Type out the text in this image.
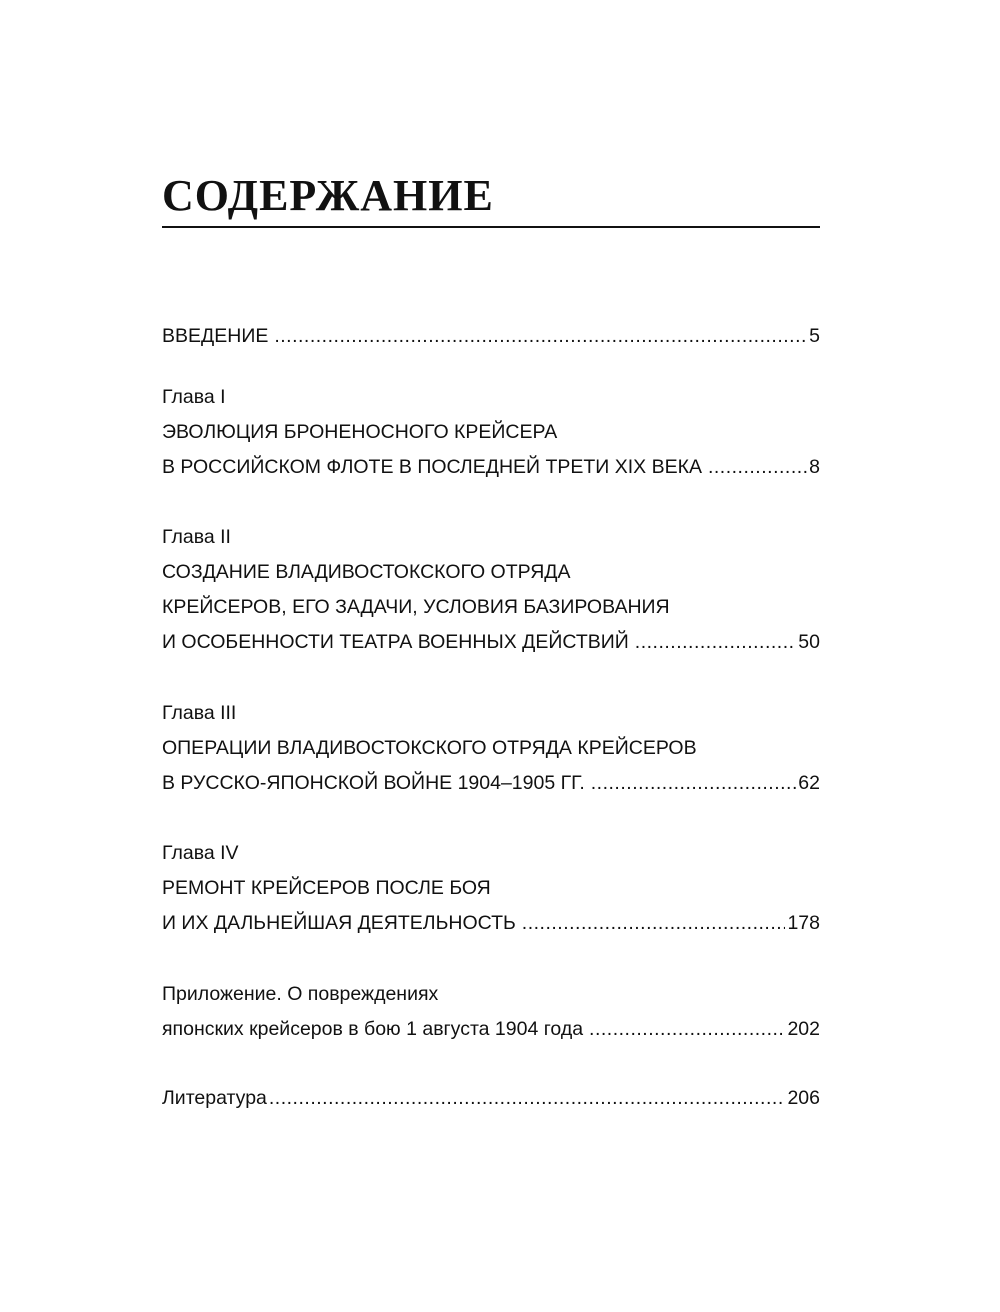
СОДЕРЖАНИЕ
ВВЕДЕНИЕ .....	5
Глава I
ЭВОЛЮЦИЯ БРОНЕНОСНОГО КРЕЙСЕРА
В РОССИЙСКОМ ФЛОТЕ В ПОСЛЕДНЕЙ ТРЕТИ XIX ВЕКА .....	8
Глава II
СОЗДАНИЕ ВЛАДИВОСТОКСКОГО ОТРЯДА
КРЕЙСЕРОВ, ЕГО ЗАДАЧИ, УСЛОВИЯ БАЗИРОВАНИЯ
И ОСОБЕННОСТИ ТЕАТРА ВОЕННЫХ ДЕЙСТВИЙ .....	50
Глава III
ОПЕРАЦИИ ВЛАДИВОСТОКСКОГО ОТРЯДА КРЕЙСЕРОВ
В РУССКО-ЯПОНСКОЙ ВОЙНЕ 1904–1905 ГГ. .....	62
Глава IV
РЕМОНТ КРЕЙСЕРОВ ПОСЛЕ БОЯ
И ИХ ДАЛЬНЕЙШАЯ ДЕЯТЕЛЬНОСТЬ .....	178
Приложение. О повреждениях
японских крейсеров в бою 1 августа 1904 года .....	202
Литература .....	206
